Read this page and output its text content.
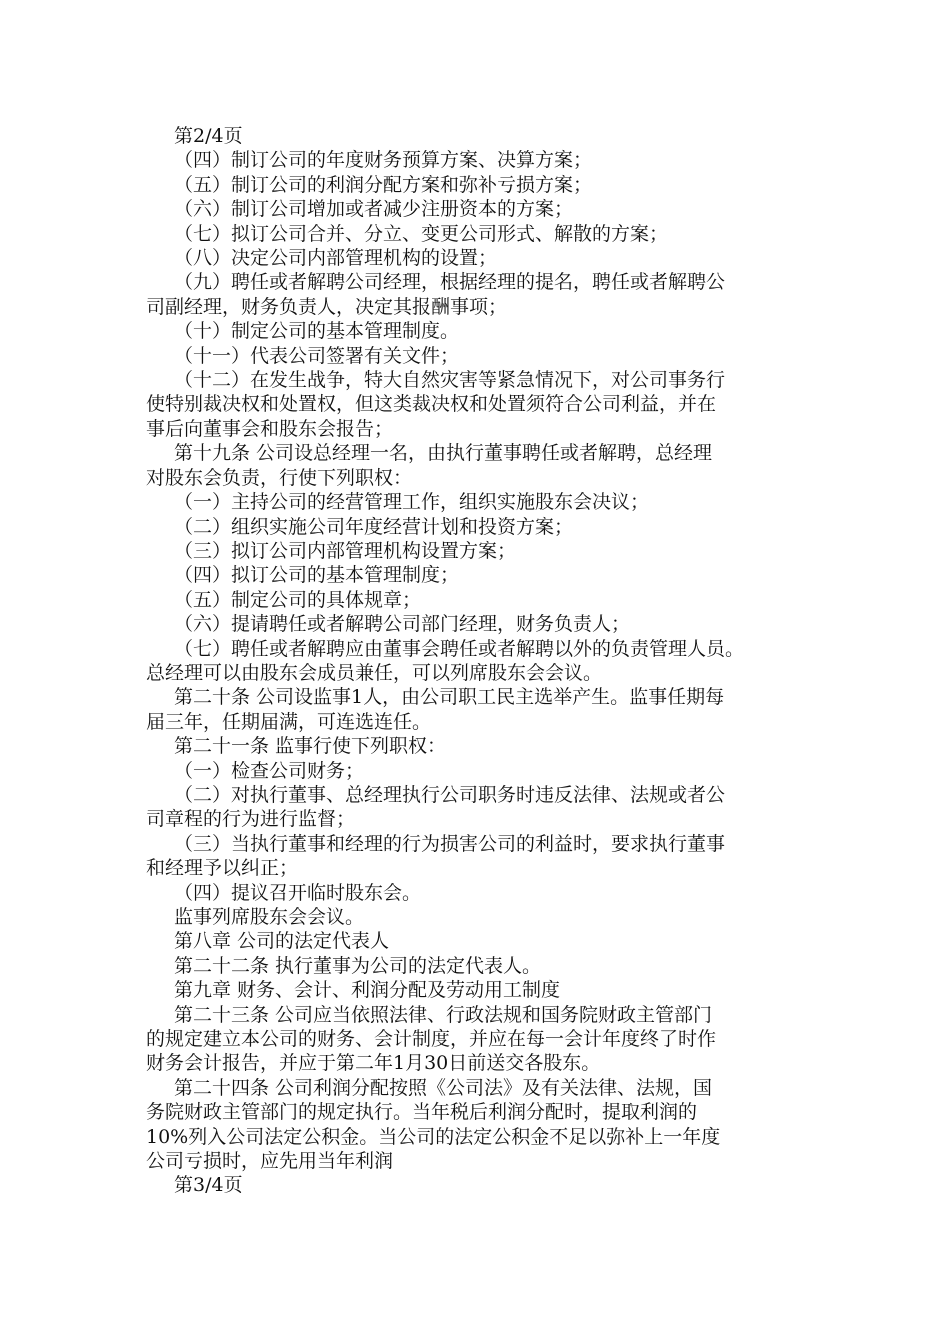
第2/4页
（四）制订公司的年度财务预算方案、决算方案；
（五）制订公司的利润分配方案和弥补亏损方案；
（六）制订公司增加或者减少注册资本的方案；
（七）拟订公司合并、分立、变更公司形式、解散的方案；
（八）决定公司内部管理机构的设置；
（九）聘任或者解聘公司经理，根据经理的提名，聘任或者解聘公
司副经理，财务负责人，决定其报酬事项；
（十）制定公司的基本管理制度。
（十一）代表公司签署有关文件；
（十二）在发生战争，特大自然灾害等紧急情况下，对公司事务行
使特别裁决权和处置权，但这类裁决权和处置须符合公司利益，并在
事后向董事会和股东会报告；
第十九条 公司设总经理一名，由执行董事聘任或者解聘，总经理
对股东会负责，行使下列职权：
（一）主持公司的经营管理工作，组织实施股东会决议；
（二）组织实施公司年度经营计划和投资方案；
（三）拟订公司内部管理机构设置方案；
（四）拟订公司的基本管理制度；
（五）制定公司的具体规章；
（六）提请聘任或者解聘公司部门经理，财务负责人；
（七）聘任或者解聘应由董事会聘任或者解聘以外的负责管理人员。
总经理可以由股东会成员兼任，可以列席股东会会议。
第二十条 公司设监事1人，由公司职工民主选举产生。监事任期每
届三年，任期届满，可连选连任。
第二十一条 监事行使下列职权：
（一）检查公司财务；
（二）对执行董事、总经理执行公司职务时违反法律、法规或者公
司章程的行为进行监督；
（三）当执行董事和经理的行为损害公司的利益时，要求执行董事
和经理予以纠正；
（四）提议召开临时股东会。
监事列席股东会会议。
第八章 公司的法定代表人
第二十二条 执行董事为公司的法定代表人。
第九章 财务、会计、利润分配及劳动用工制度
第二十三条 公司应当依照法律、行政法规和国务院财政主管部门
的规定建立本公司的财务、会计制度，并应在每一会计年度终了时作
财务会计报告，并应于第二年1月30日前送交各股东。
第二十四条 公司利润分配按照《公司法》及有关法律、法规，国
务院财政主管部门的规定执行。当年税后利润分配时，提取利润的
10%列入公司法定公积金。当公司的法定公积金不足以弥补上一年度
公司亏损时，应先用当年利润
第3/4页
